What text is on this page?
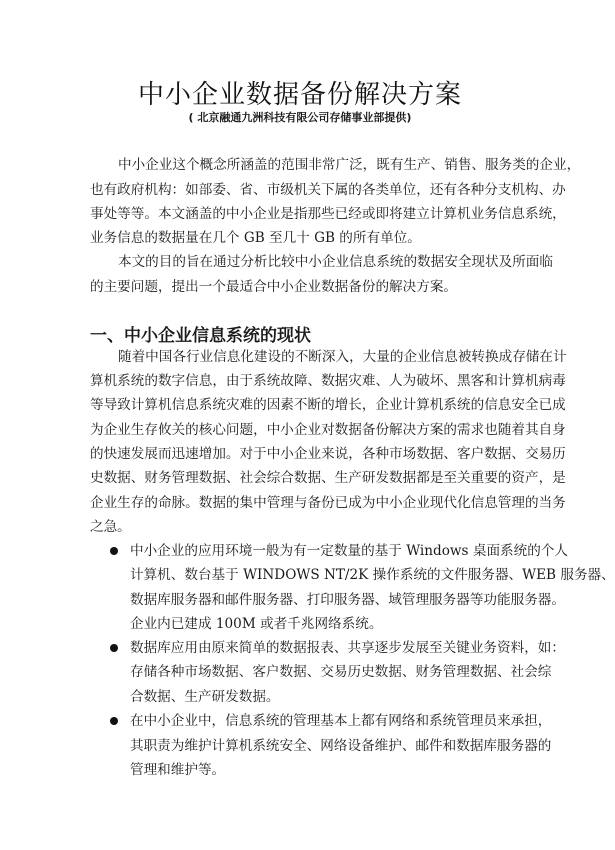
中小企业数据备份解决方案
( 北京融通九洲科技有限公司存储事业部提供)
中小企业这个概念所涵盖的范围非常广泛，既有生产、销售、服务类的企业，
也有政府机构：如部委、省、市级机关下属的各类单位，还有各种分支机构、办
事处等等。本文涵盖的中小企业是指那些已经或即将建立计算机业务信息系统，
业务信息的数据量在几个 GB 至几十 GB 的所有单位。
本文的目的旨在通过分析比较中小企业信息系统的数据安全现状及所面临
的主要问题，提出一个最适合中小企业数据备份的解决方案。
一、中小企业信息系统的现状
随着中国各行业信息化建设的不断深入，大量的企业信息被转换成存储在计
算机系统的数字信息，由于系统故障、数据灾难、人为破坏、黑客和计算机病毒
等导致计算机信息系统灾难的因素不断的增长，企业计算机系统的信息安全已成
为企业生存攸关的核心问题，中小企业对数据备份解决方案的需求也随着其自身
的快速发展而迅速增加。对于中小企业来说，各种市场数据、客户数据、交易历
史数据、财务管理数据、社会综合数据、生产研发数据都是至关重要的资产，是
企业生存的命脉。数据的集中管理与备份已成为中小企业现代化信息管理的当务
之急。
中小企业的应用环境一般为有一定数量的基于 Windows 桌面系统的个人
计算机、数台基于 WINDOWS NT/2K 操作系统的文件服务器、WEB 服务器、
数据库服务器和邮件服务器、打印服务器、域管理服务器等功能服务器。
企业内已建成 100M 或者千兆网络系统。
数据库应用由原来简单的数据报表、共享逐步发展至关键业务资料，如：
存储各种市场数据、客户数据、交易历史数据、财务管理数据、社会综
合数据、生产研发数据。
在中小企业中，信息系统的管理基本上都有网络和系统管理员来承担，
其职责为维护计算机系统安全、网络设备维护、邮件和数据库服务器的
管理和维护等。
